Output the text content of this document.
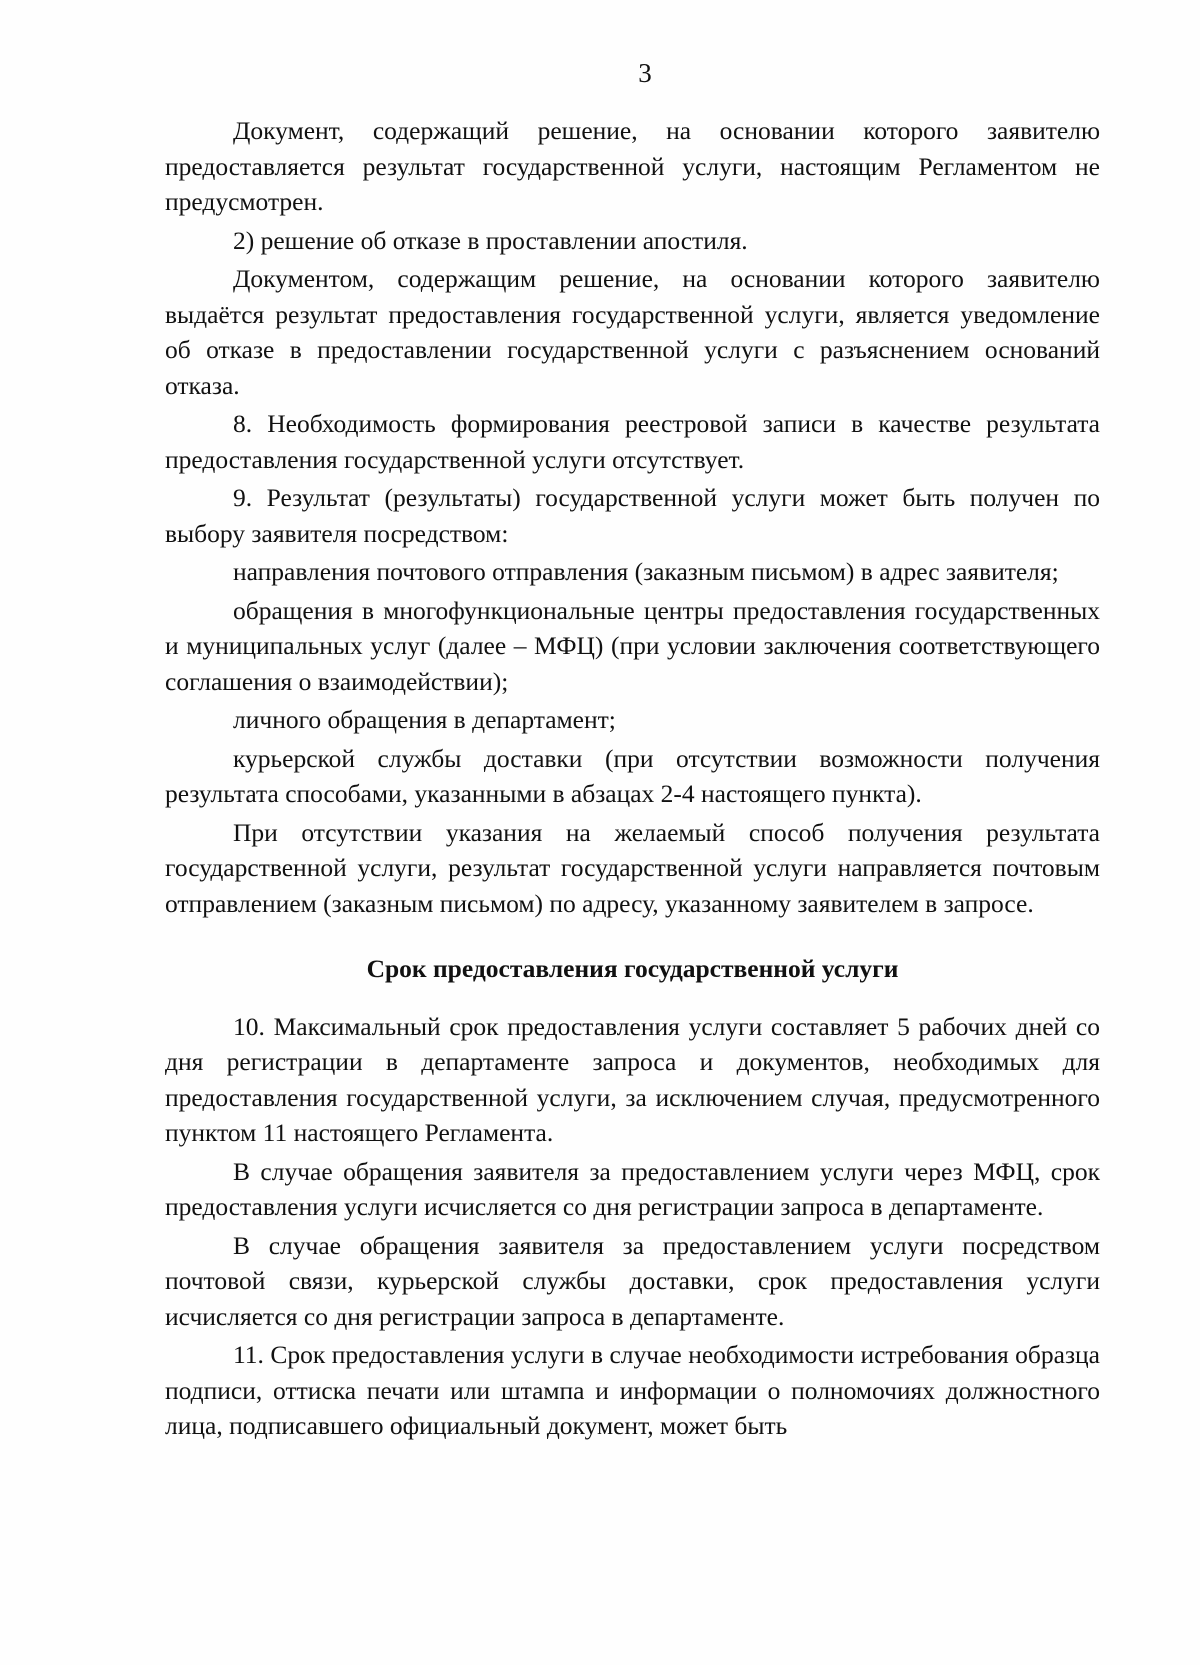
3

Документ, содержащий решение, на основании которого заявителю предоставляется результат государственной услуги, настоящим Регламентом не предусмотрен.

2) решение об отказе в проставлении апостиля.

Документом, содержащим решение, на основании которого заявителю выдаётся результат предоставления государственной услуги, является уведомление об отказе в предоставлении государственной услуги с разъяснением оснований отказа.

8. Необходимость формирования реестровой записи в качестве результата предоставления государственной услуги отсутствует.

9. Результат (результаты) государственной услуги может быть получен по выбору заявителя посредством:

направления почтового отправления (заказным письмом) в адрес заявителя;

обращения в многофункциональные центры предоставления государственных и муниципальных услуг (далее – МФЦ) (при условии заключения соответствующего соглашения о взаимодействии);

личного обращения в департамент;

курьерской службы доставки (при отсутствии возможности получения результата способами, указанными в абзацах 2-4 настоящего пункта).

При отсутствии указания на желаемый способ получения результата государственной услуги, результат государственной услуги направляется почтовым отправлением (заказным письмом) по адресу, указанному заявителем в запросе.

Срок предоставления государственной услуги

10. Максимальный срок предоставления услуги составляет 5 рабочих дней со дня регистрации в департаменте запроса и документов, необходимых для предоставления государственной услуги, за исключением случая, предусмотренного пунктом 11 настоящего Регламента.

В случае обращения заявителя за предоставлением услуги через МФЦ, срок предоставления услуги исчисляется со дня регистрации запроса в департаменте.

В случае обращения заявителя за предоставлением услуги посредством почтовой связи, курьерской службы доставки, срок предоставления услуги исчисляется со дня регистрации запроса в департаменте.

11. Срок предоставления услуги в случае необходимости истребования образца подписи, оттиска печати или штампа и информации о полномочиях должностного лица, подписавшего официальный документ, может быть
